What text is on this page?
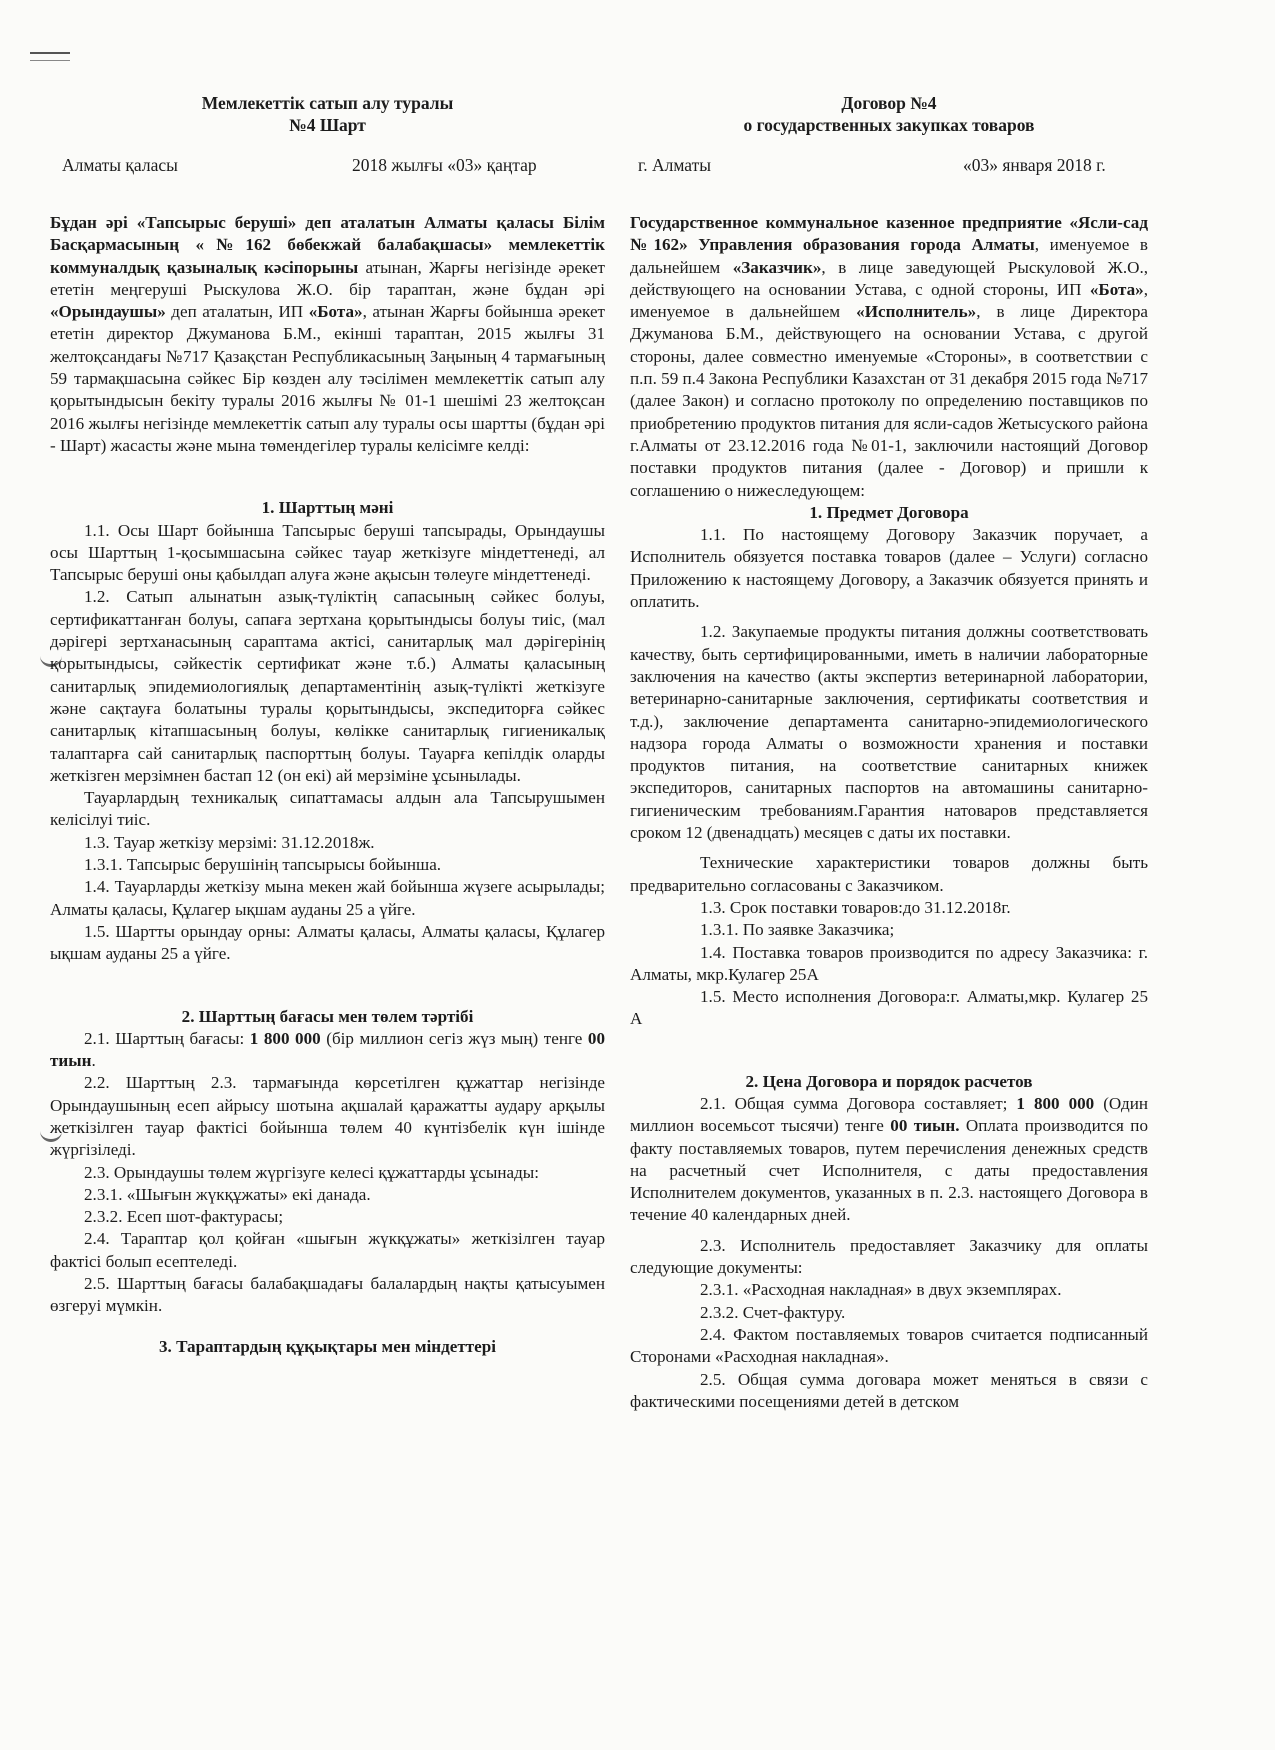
Мемлекеттік сатып алу туралы
№4 Шарт
Алматы қаласы	2018 жылғы «03» қаңтар

Бұдан әрі «Тапсырыс беруші» деп аталатын Алматы қаласы Білім Басқармасының «№162 бөбекжай балабақшасы» мемлекеттік коммуналдық қазыналық кәсіпорыны атынан, Жарғы негізінде әрекет ететін меңгеруші Рыскулова Ж.О. бір тараптан, және бұдан әрі «Орындаушы» деп аталатын, ИП «Бота», атынан Жарғы бойынша әрекет ететін директор Джуманова Б.М., екінші тараптан, 2015 жылғы 31 желтоқсандағы №717 Қазақстан Республикасының Заңының 4 тармағының 59 тармақшасына сәйкес Бір көзден алу тәсілімен мемлекеттік сатып алу қорытындысын бекіту туралы 2016 жылғы № 01-1 шешімі 23 желтоқсан 2016 жылғы негізінде мемлекеттік сатып алу туралы осы шартты (бұдан әрі - Шарт) жасасты және мына төмендегілер туралы келісімге келді:

1. Шарттың мәні

1.1. Осы Шарт бойынша Тапсырыс беруші тапсырады, Орындаушы осы Шарттың 1-қосымшасына сәйкес тауар жеткізуге міндеттенеді, ал Тапсырыс беруші оны қабылдап алуға және ақысын төлеуге міндеттенеді.

1.2. Сатып алынатын азық-түліктің сапасының сәйкес болуы, сертификаттанған болуы, сапаға зертхана қорытындысы болуы тиіс, (мал дәрігері зертханасының сараптама актісі, санитарлық мал дәрігерінің қорытындысы, сәйкестік сертификат және т.б.) Алматы қаласының санитарлық эпидемиологиялық департаментінің азық-түлікті жеткізуге және сақтауға болатыны туралы қорытындысы, экспедиторға сәйкес санитарлық кітапшасының болуы, көлікке санитарлық гигиеникалық талаптарға сай санитарлық паспорттың болуы. Тауарға кепілдік оларды жеткізген мерзімнен бастап 12 (он екі) ай мерзіміне ұсынылады.

Тауарлардың техникалық сипаттамасы алдын ала Тапсырушымен келісілуі тиіс.

1.3. Тауар жеткізу мерзімі: 31.12.2018ж.

1.3.1. Тапсырыс берушінің тапсырысы бойынша.

1.4. Тауарларды жеткізу мына мекен жай бойынша жүзеге асырылады; Алматы қаласы, Құлагер ықшам ауданы 25 а үйге.

1.5. Шартты орындау орны: Алматы қаласы, Алматы қаласы, Құлагер ықшам ауданы 25 а үйге.

2. Шарттың бағасы мен төлем тәртібі

2.1. Шарттың бағасы: 1 800 000 (бір миллион сегіз жүз мың) тенге 00 тиын.

2.2. Шарттың 2.3. тармағында көрсетілген құжаттар негізінде Орындаушының есеп айрысу шотына ақшалай қаражатты аудару арқылы жеткізілген тауар фактісі бойынша төлем 40 күнтізбелік күн ішінде жүргізіледі.

2.3. Орындаушы төлем жүргізуге келесі құжаттарды ұсынады:

2.3.1. «Шығын жүкқұжаты» екі данада.

2.3.2. Есеп шот-фактурасы;

2.4. Тараптар қол қойған «шығын жүкқұжаты» жеткізілген тауар фактісі болып есептеледі.

2.5. Шарттың бағасы балабақшадағы балалардың нақты қатысуымен өзгеруі мүмкін.

3. Тараптардың құқықтары мен міндеттері
Договор №4
о государственных закупках товаров
г. Алматы	«03» января 2018 г.

Государственное коммунальное казенное предприятие «Ясли-сад №162» Управления образования города Алматы, именуемое в дальнейшем «Заказчик», в лице заведующей Рыскуловой Ж.О., действующего на основании Устава, с одной стороны, ИП «Бота», именуемое в дальнейшем «Исполнитель», в лице Директора Джуманова Б.М., действующего на основании Устава, с другой стороны, далее совместно именуемые «Стороны», в соответствии с п.п. 59 п.4 Закона Республики Казахстан от 31 декабря 2015 года №717 (далее Закон) и согласно протоколу по определению поставщиков по приобретению продуктов питания для ясли-садов Жетысуского района г.Алматы от 23.12.2016 года №01-1, заключили настоящий Договор поставки продуктов питания (далее - Договор) и пришли к соглашению о нижеследующем:

1. Предмет Договора

1.1. По настоящему Договору Заказчик поручает, а Исполнитель обязуется поставка товаров (далее – Услуги) согласно Приложению к настоящему Договору, а Заказчик обязуется принять и оплатить.

1.2. Закупаемые продукты питания должны соответствовать качеству, быть сертифицированными, иметь в наличии лабораторные заключения на качество (акты экспертиз ветеринарной лаборатории, ветеринарно-санитарные заключения, сертификаты соответствия и т.д.), заключение департамента санитарно-эпидемиологического надзора города Алматы о возможности хранения и поставки продуктов питания, на соответствие санитарных книжек экспедиторов, санитарных паспортов на автомашины санитарно-гигиеническим требованиям.Гарантия натоваров представляется сроком 12 (двенадцать) месяцев с даты их поставки.

Технические характеристики товаров должны быть предварительно согласованы с Заказчиком.

1.3. Срок поставки товаров:до 31.12.2018г.

1.3.1. По заявке Заказчика;

1.4. Поставка товаров производится по адресу Заказчика: г. Алматы, мкр.Кулагер 25А

1.5. Место исполнения Договора:г. Алматы,мкр. Кулагер 25 А

2. Цена Договора и порядок расчетов

2.1. Общая сумма Договора составляет; 1 800 000 (Один миллион восемьсот тысячи) тенге 00 тиын. Оплата производится по факту поставляемых товаров, путем перечисления денежных средств на расчетный счет Исполнителя, с даты предоставления Исполнителем документов, указанных в п. 2.3. настоящего Договора в течение 40 календарных дней.

2.3. Исполнитель предоставляет Заказчику для оплаты следующие документы:

2.3.1. «Расходная накладная» в двух экземплярах.

2.3.2. Счет-фактуру.

2.4. Фактом поставляемых товаров считается подписанный Сторонами «Расходная накладная».

2.5. Общая сумма договара может меняться в связи с фактическими посещениями детей в детском
